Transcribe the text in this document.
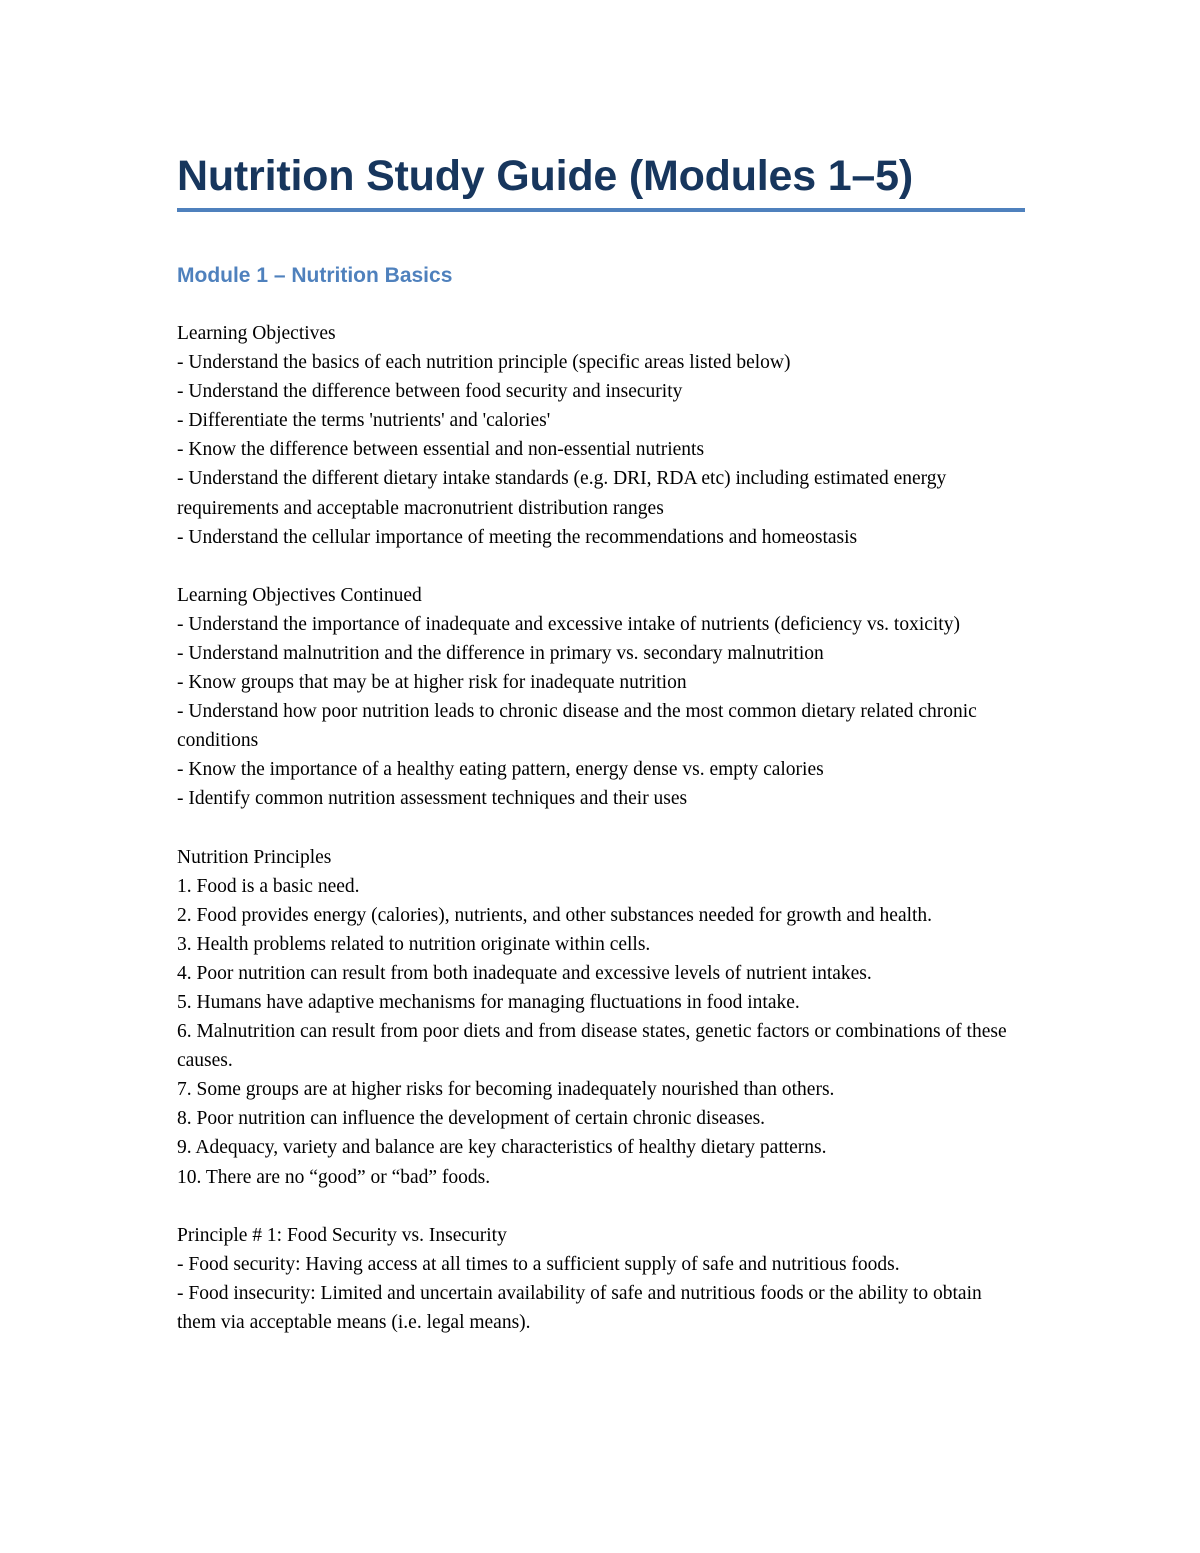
Nutrition Study Guide (Modules 1–5)
Module 1 – Nutrition Basics

Learning Objectives

- Understand the basics of each nutrition principle (specific areas listed below)

- Understand the difference between food security and insecurity

- Differentiate the terms 'nutrients' and 'calories'

- Know the difference between essential and non-essential nutrients

- Understand the different dietary intake standards (e.g. DRI, RDA etc) including estimated energy requirements and acceptable macronutrient distribution ranges

- Understand the cellular importance of meeting the recommendations and homeostasis

Learning Objectives Continued

- Understand the importance of inadequate and excessive intake of nutrients (deficiency vs. toxicity)

- Understand malnutrition and the difference in primary vs. secondary malnutrition

- Know groups that may be at higher risk for inadequate nutrition

- Understand how poor nutrition leads to chronic disease and the most common dietary related chronic conditions

- Know the importance of a healthy eating pattern, energy dense vs. empty calories

- Identify common nutrition assessment techniques and their uses

Nutrition Principles

1. Food is a basic need.

2. Food provides energy (calories), nutrients, and other substances needed for growth and health.

3. Health problems related to nutrition originate within cells.

4. Poor nutrition can result from both inadequate and excessive levels of nutrient intakes.

5. Humans have adaptive mechanisms for managing fluctuations in food intake.

6. Malnutrition can result from poor diets and from disease states, genetic factors or combinations of these causes.

7. Some groups are at higher risks for becoming inadequately nourished than others.

8. Poor nutrition can influence the development of certain chronic diseases.

9. Adequacy, variety and balance are key characteristics of healthy dietary patterns.

10. There are no “good” or “bad” foods.

Principle # 1: Food Security vs. Insecurity

- Food security: Having access at all times to a sufficient supply of safe and nutritious foods.

- Food insecurity: Limited and uncertain availability of safe and nutritious foods or the ability to obtain them via acceptable means (i.e. legal means).
